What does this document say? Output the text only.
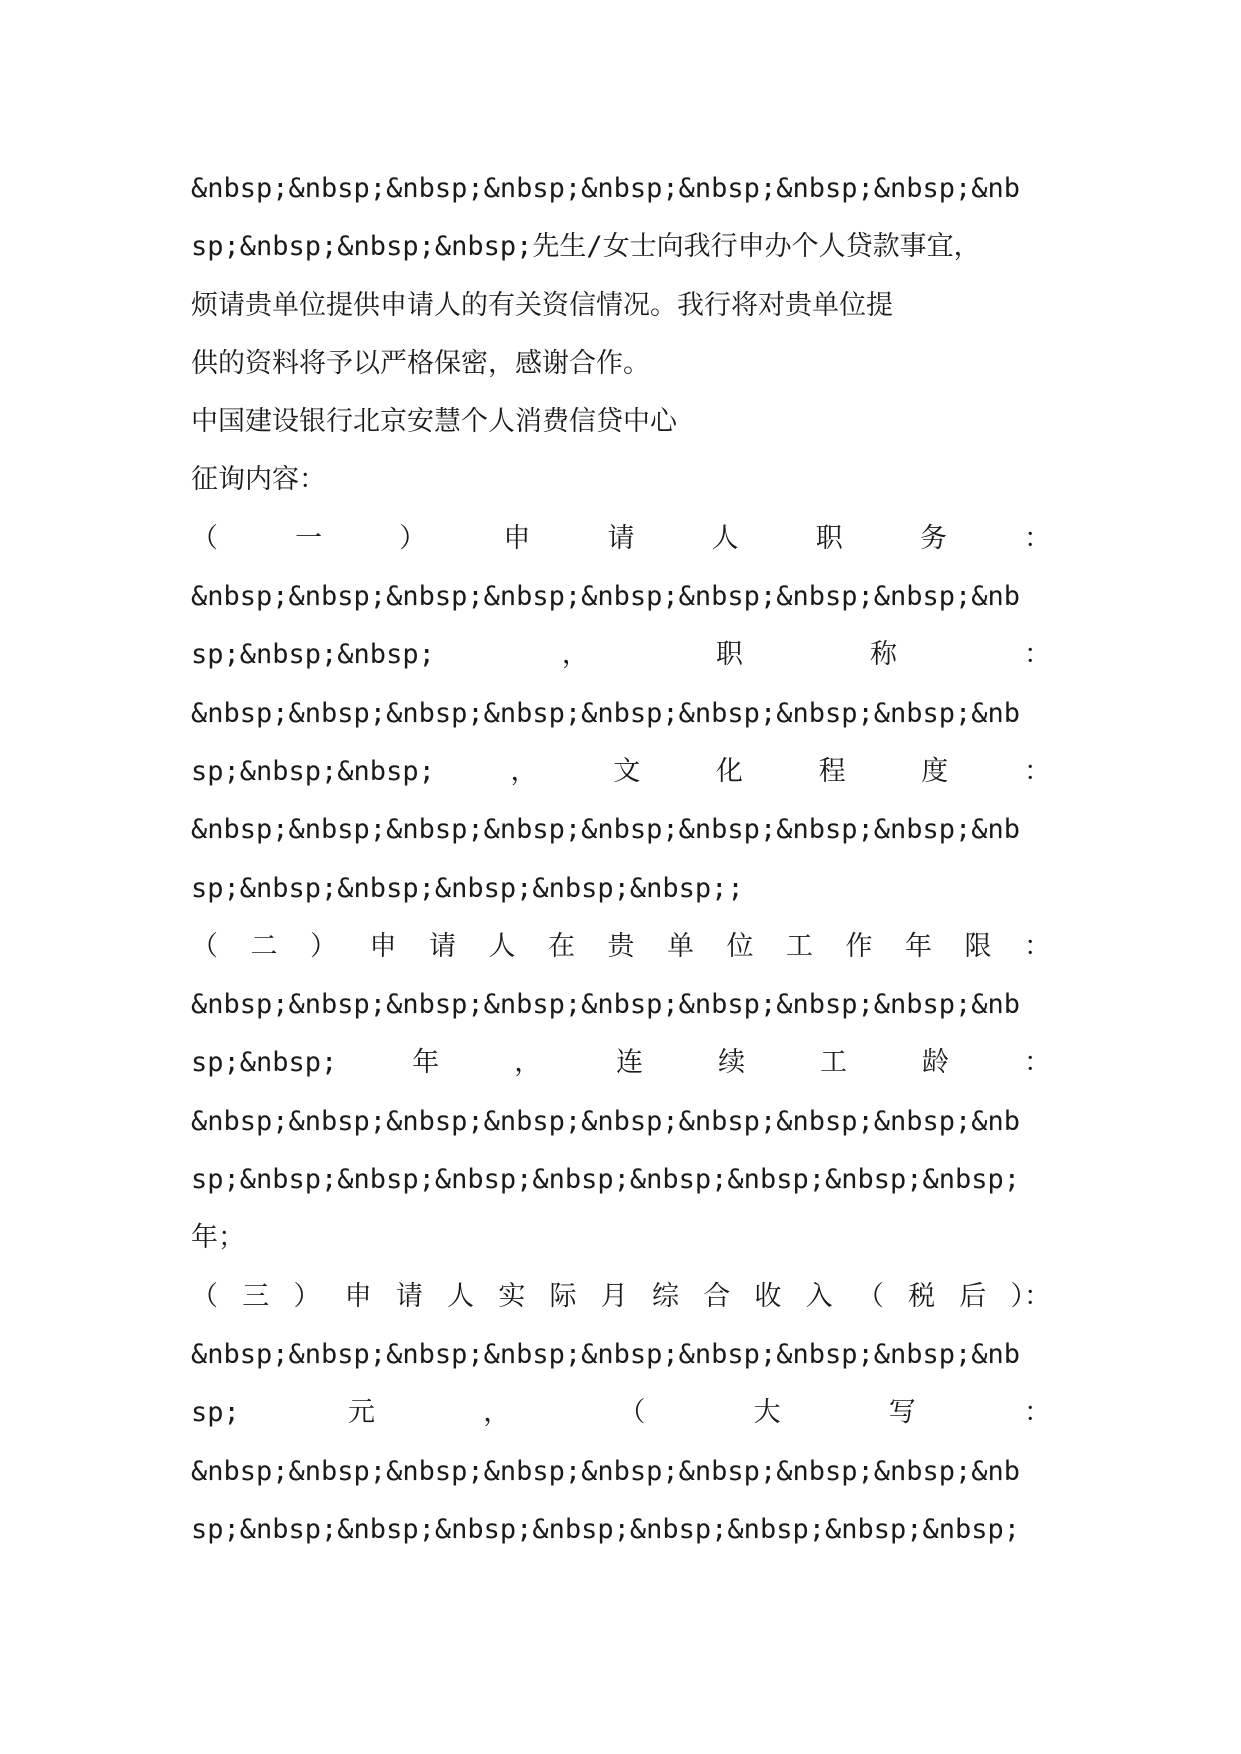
&nbsp;&nbsp;&nbsp;&nbsp;&nbsp;&nbsp;&nbsp;&nbsp;&nb
sp;&nbsp;&nbsp;&nbsp;先生/女士向我行申办个人贷款事宜，
烦请贵单位提供申请人的有关资信情况。我行将对贵单位提
供的资料将予以严格保密，感谢合作。
中国建设银行北京安慧个人消费信贷中心
征询内容：
（	一	）	申	请	人	职	务	：
&nbsp;&nbsp;&nbsp;&nbsp;&nbsp;&nbsp;&nbsp;&nbsp;&nb
sp;&nbsp;&nbsp;	，	职	称	：
&nbsp;&nbsp;&nbsp;&nbsp;&nbsp;&nbsp;&nbsp;&nbsp;&nb
sp;&nbsp;&nbsp;	，	文	化	程	度	：
&nbsp;&nbsp;&nbsp;&nbsp;&nbsp;&nbsp;&nbsp;&nbsp;&nb
sp;&nbsp;&nbsp;&nbsp;&nbsp;&nbsp;;
（ 二 ） 申 请 人 在 贵 单 位 工 作 年 限 ：
&nbsp;&nbsp;&nbsp;&nbsp;&nbsp;&nbsp;&nbsp;&nbsp;&nb
sp;&nbsp;	年	，	连	续	工	龄	：
&nbsp;&nbsp;&nbsp;&nbsp;&nbsp;&nbsp;&nbsp;&nbsp;&nb
sp;&nbsp;&nbsp;&nbsp;&nbsp;&nbsp;&nbsp;&nbsp;&nbsp;
年；
（ 三 ） 申 请 人 实 际 月 综 合 收 入 （ 税 后 ）：
&nbsp;&nbsp;&nbsp;&nbsp;&nbsp;&nbsp;&nbsp;&nbsp;&nb
sp;	元	，	（	大	写	：
&nbsp;&nbsp;&nbsp;&nbsp;&nbsp;&nbsp;&nbsp;&nbsp;&nb
sp;&nbsp;&nbsp;&nbsp;&nbsp;&nbsp;&nbsp;&nbsp;&nbsp;
